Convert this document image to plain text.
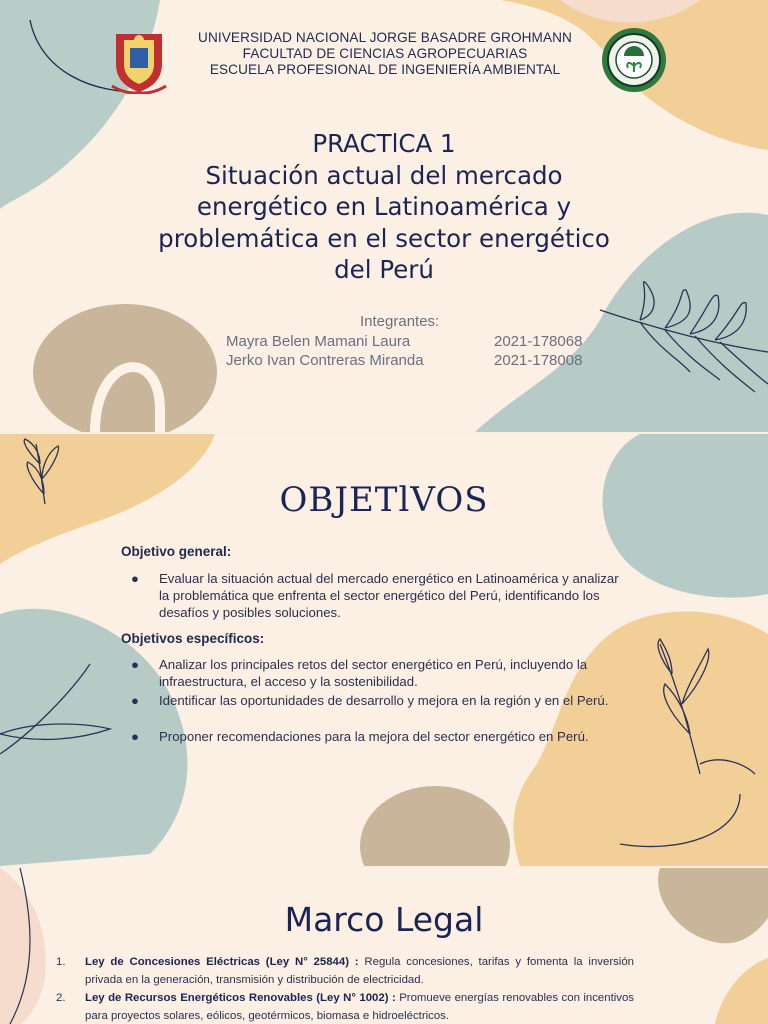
UNIVERSIDAD NACIONAL JORGE BASADRE GROHMANN
FACULTAD DE CIENCIAS AGROPECUARIAS
ESCUELA PROFESIONAL DE INGENIERÍA AMBIENTAL
PRACTlCA 1
Situación actual del mercado
energético en Latinoamérica y
problemática en el sector energético
del Perú
Integrantes:
Mayra Belen Mamani Laura	2021-178068
Jerko Ivan Contreras Miranda	2021-178008
OBJETlVOS
Objetivo general:
● Evaluar la situación actual del mercado energético en Latinoamérica y analizar la problemática que enfrenta el sector energético del Perú, identificando los desafíos y posibles soluciones.
Objetivos específicos:
● Analizar los principales retos del sector energético en Perú, incluyendo la infraestructura, el acceso y la sostenibilidad.
● Identificar las oportunidades de desarrollo y mejora en la región y en el Perú.
● Proponer recomendaciones para la mejora del sector energético en Perú.
Marco Legal
1.	Ley de Concesiones Eléctricas (Ley N° 25844) : Regula concesiones, tarifas y fomenta la inversión privada en la generación, transmisión y distribución de electricidad.
2.	Ley de Recursos Energéticos Renovables (Ley N° 1002) : Promueve energías renovables con incentivos para proyectos solares, eólicos, geotérmicos, biomasa e hidroeléctricos.
